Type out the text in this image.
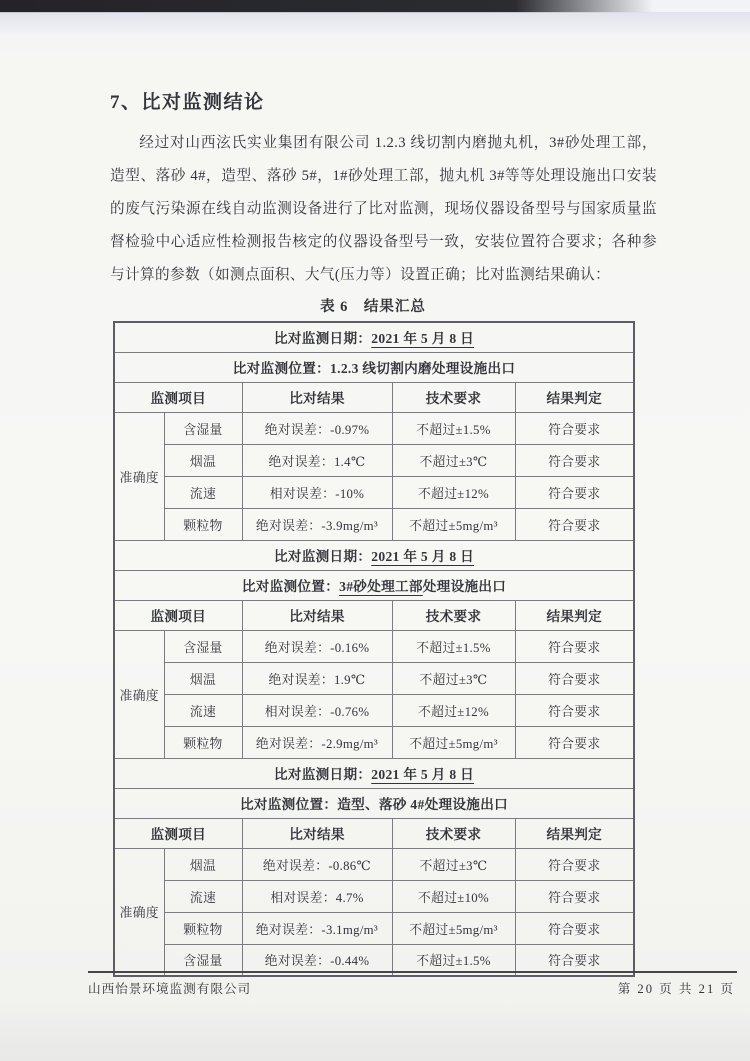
7、比对监测结论

经过对山西泫氏实业集团有限公司 1.2.3 线切割内磨抛丸机，3#砂处理工部，造型、落砂 4#，造型、落砂 5#，1#砂处理工部，抛丸机 3#等等处理设施出口安装的废气污染源在线自动监测设备进行了比对监测，现场仪器设备型号与国家质量监督检验中心适应性检测报告核定的仪器设备型号一致，安装位置符合要求；各种参与计算的参数（如测点面积、大气(压力等）设置正确；比对监测结果确认：

表 6　结果汇总
比对监测日期：2021 年 5 月 8 日				
比对监测位置：1.2.3 线切割内磨处理设施出口				
监测项目		比对结果	技术要求	结果判定
准确度	含湿量	绝对误差：-0.97%	不超过±1.5%	符合要求
	烟温	绝对误差：1.4℃	不超过±3℃	符合要求
	流速	相对误差：-10%	不超过±12%	符合要求
	颗粒物	绝对误差：-3.9mg/m³	不超过±5mg/m³	符合要求
比对监测日期：2021 年 5 月 8 日				
比对监测位置：3#砂处理工部处理设施出口				
监测项目		比对结果	技术要求	结果判定
准确度	含湿量	绝对误差：-0.16%	不超过±1.5%	符合要求
	烟温	绝对误差：1.9℃	不超过±3℃	符合要求
	流速	相对误差：-0.76%	不超过±12%	符合要求
	颗粒物	绝对误差：-2.9mg/m³	不超过±5mg/m³	符合要求
比对监测日期：2021 年 5 月 8 日				
比对监测位置：造型、落砂 4#处理设施出口				
监测项目		比对结果	技术要求	结果判定
准确度	烟温	绝对误差：-0.86℃	不超过±3℃	符合要求
	流速	相对误差：4.7%	不超过±10%	符合要求
	颗粒物	绝对误差：-3.1mg/m³	不超过±5mg/m³	符合要求
	含湿量	绝对误差：-0.44%	不超过±1.5%	符合要求
山西怡景环境监测有限公司	第 20 页 共 21 页
